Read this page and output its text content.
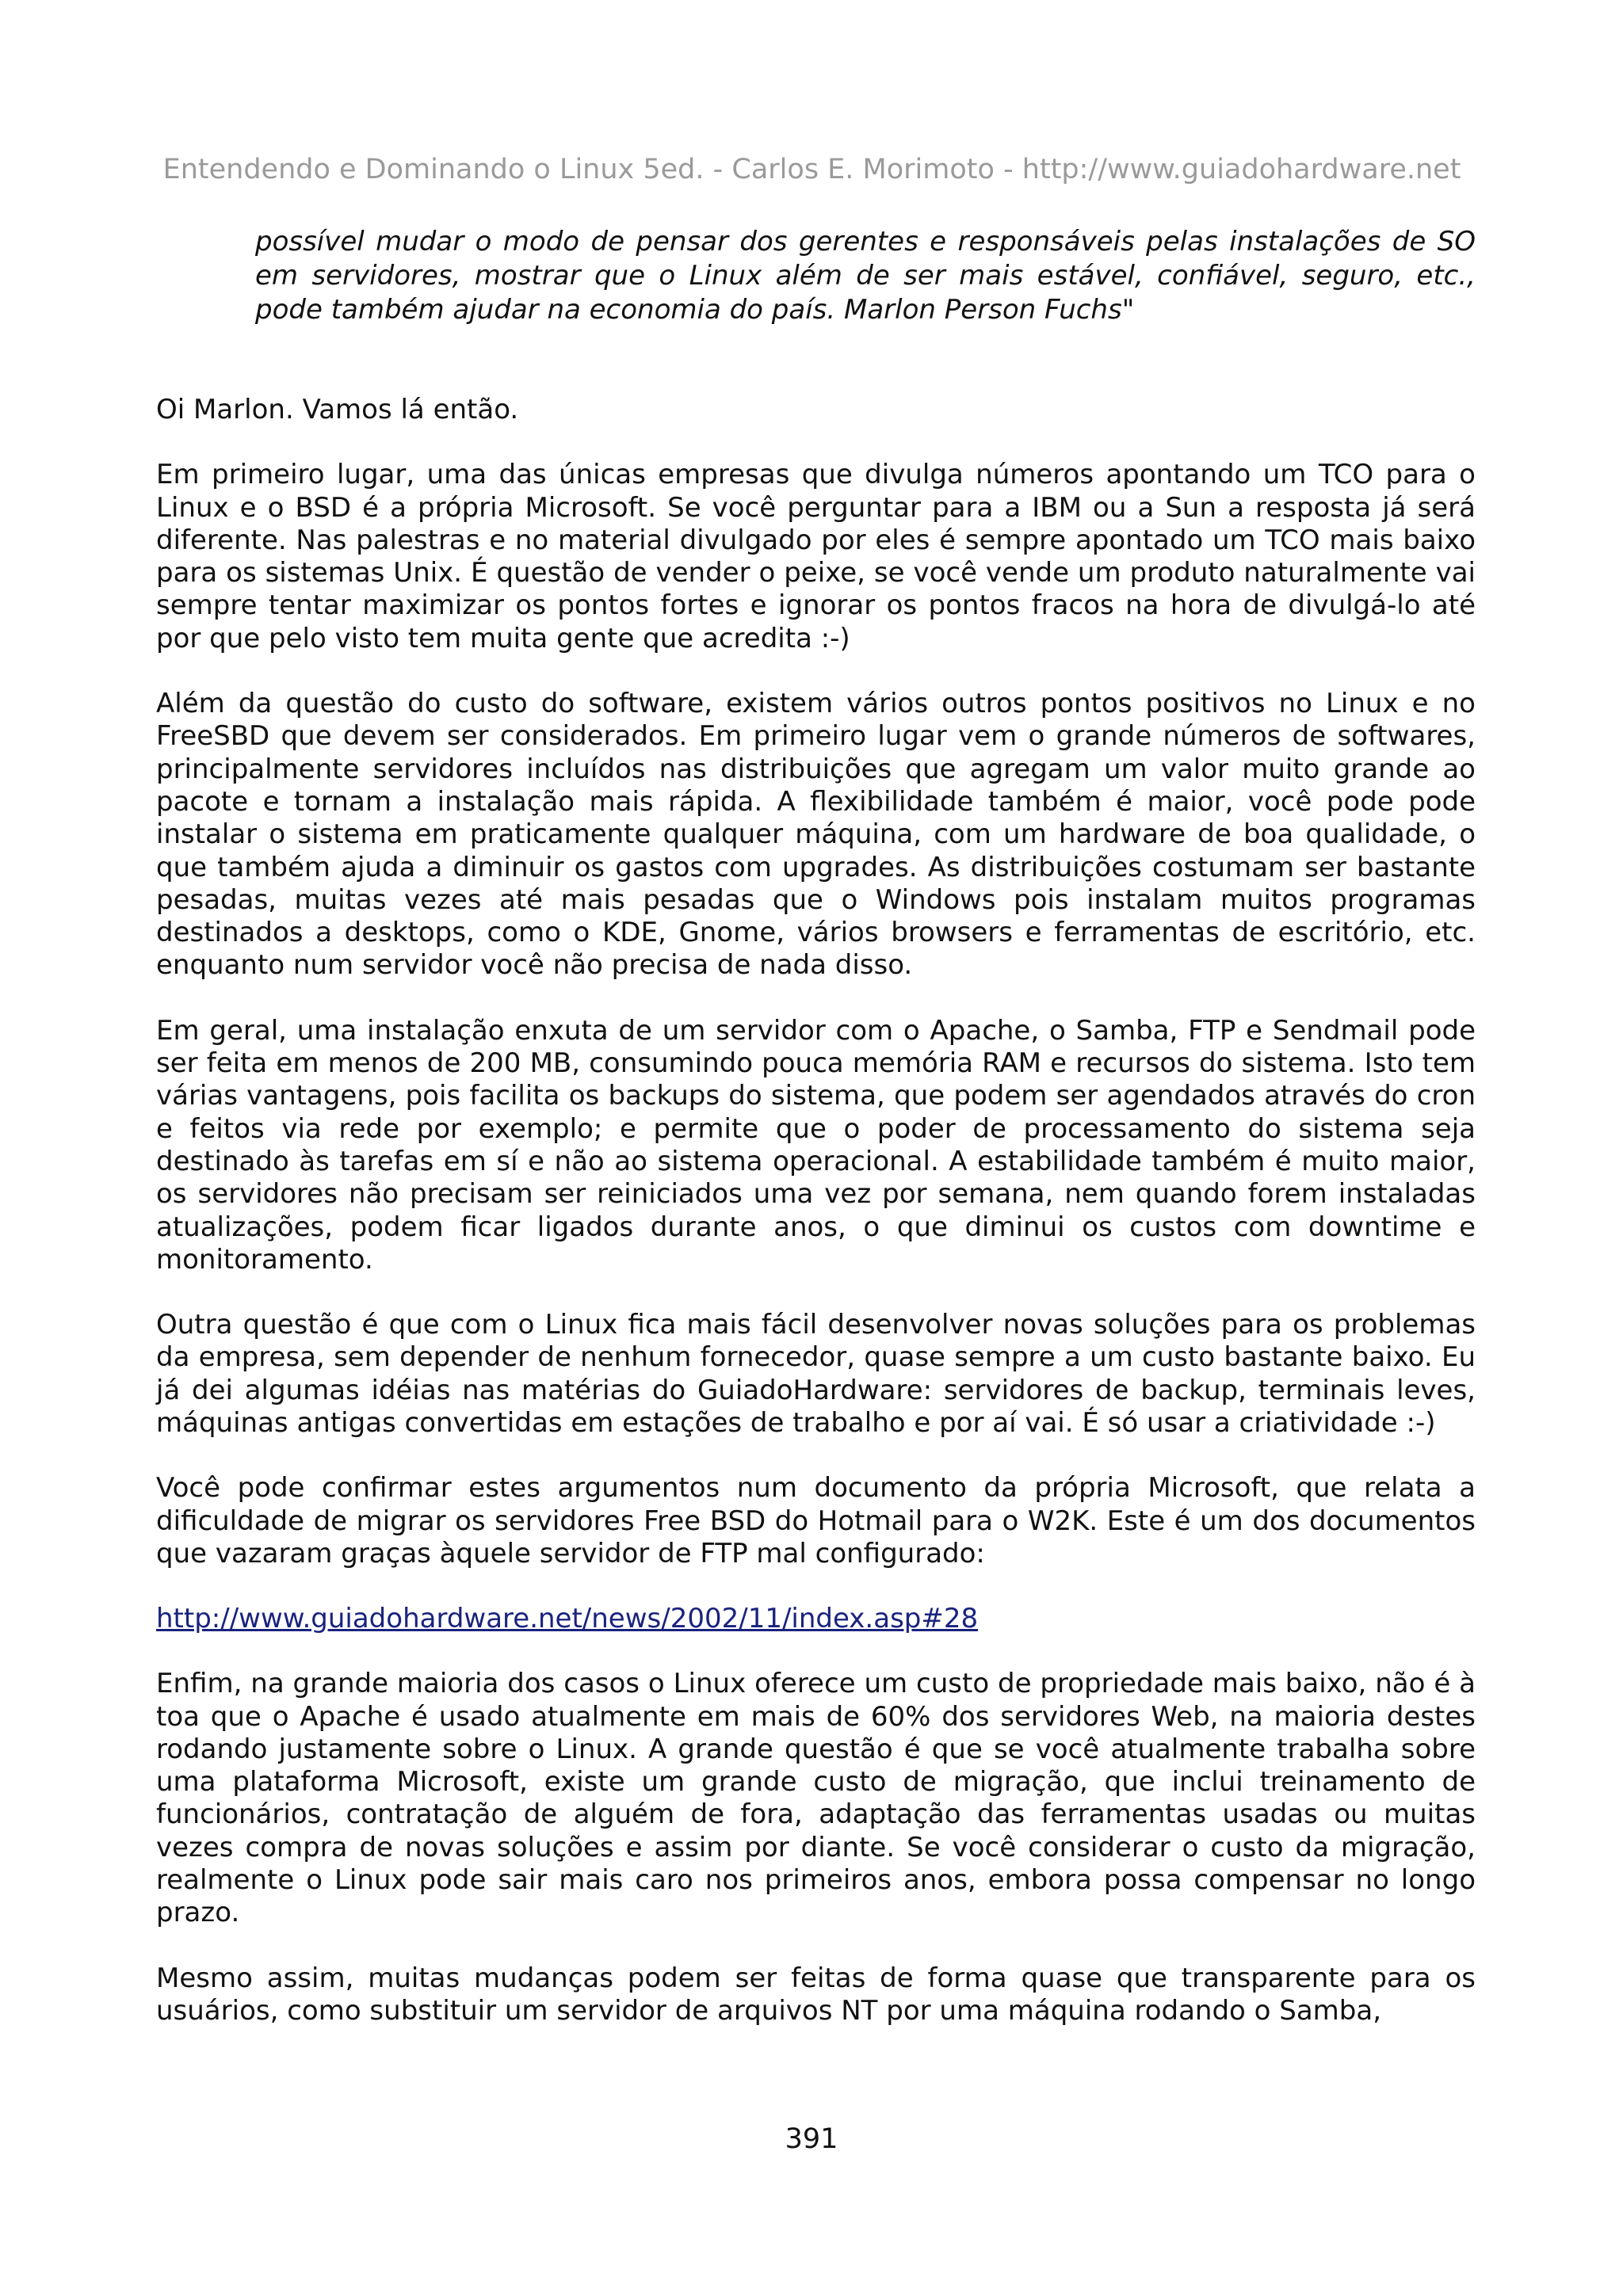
Entendendo e Dominando o Linux 5ed. - Carlos E. Morimoto - http://www.guiadohardware.net

possível mudar o modo de pensar dos gerentes e responsáveis pelas instalações de SO em servidores, mostrar que o Linux além de ser mais estável, confiável, seguro, etc., pode também ajudar na economia do país. Marlon Person Fuchs"

Oi Marlon. Vamos lá então.

Em primeiro lugar, uma das únicas empresas que divulga números apontando um TCO para o Linux e o BSD é a própria Microsoft. Se você perguntar para a IBM ou a Sun a resposta já será diferente. Nas palestras e no material divulgado por eles é sempre apontado um TCO mais baixo para os sistemas Unix. É questão de vender o peixe, se você vende um produto naturalmente vai sempre tentar maximizar os pontos fortes e ignorar os pontos fracos na hora de divulgá-lo até por que pelo visto tem muita gente que acredita :-)

Além da questão do custo do software, existem vários outros pontos positivos no Linux e no FreeSBD que devem ser considerados. Em primeiro lugar vem o grande números de softwares, principalmente servidores incluídos nas distribuições que agregam um valor muito grande ao pacote e tornam a instalação mais rápida. A flexibilidade também é maior, você pode pode instalar o sistema em praticamente qualquer máquina, com um hardware de boa qualidade, o que também ajuda a diminuir os gastos com upgrades. As distribuições costumam ser bastante pesadas, muitas vezes até mais pesadas que o Windows pois instalam muitos programas destinados a desktops, como o KDE, Gnome, vários browsers e ferramentas de escritório, etc. enquanto num servidor você não precisa de nada disso.

Em geral, uma instalação enxuta de um servidor com o Apache, o Samba, FTP e Sendmail pode ser feita em menos de 200 MB, consumindo pouca memória RAM e recursos do sistema. Isto tem várias vantagens, pois facilita os backups do sistema, que podem ser agendados através do cron e feitos via rede por exemplo; e permite que o poder de processamento do sistema seja destinado às tarefas em sí e não ao sistema operacional. A estabilidade também é muito maior, os servidores não precisam ser reiniciados uma vez por semana, nem quando forem instaladas atualizações, podem ficar ligados durante anos, o que diminui os custos com downtime e monitoramento.

Outra questão é que com o Linux fica mais fácil desenvolver novas soluções para os problemas da empresa, sem depender de nenhum fornecedor, quase sempre a um custo bastante baixo. Eu já dei algumas idéias nas matérias do GuiadoHardware: servidores de backup, terminais leves, máquinas antigas convertidas em estações de trabalho e por aí vai. É só usar a criatividade :-)

Você pode confirmar estes argumentos num documento da própria Microsoft, que relata a dificuldade de migrar os servidores Free BSD do Hotmail para o W2K. Este é um dos documentos que vazaram graças àquele servidor de FTP mal configurado:

http://www.guiadohardware.net/news/2002/11/index.asp#28

Enfim, na grande maioria dos casos o Linux oferece um custo de propriedade mais baixo, não é à toa que o Apache é usado atualmente em mais de 60% dos servidores Web, na maioria destes rodando justamente sobre o Linux. A grande questão é que se você atualmente trabalha sobre uma plataforma Microsoft, existe um grande custo de migração, que inclui treinamento de funcionários, contratação de alguém de fora, adaptação das ferramentas usadas ou muitas vezes compra de novas soluções e assim por diante. Se você considerar o custo da migração, realmente o Linux pode sair mais caro nos primeiros anos, embora possa compensar no longo prazo.

Mesmo assim, muitas mudanças podem ser feitas de forma quase que transparente para os usuários, como substituir um servidor de arquivos NT por uma máquina rodando o Samba,

391
